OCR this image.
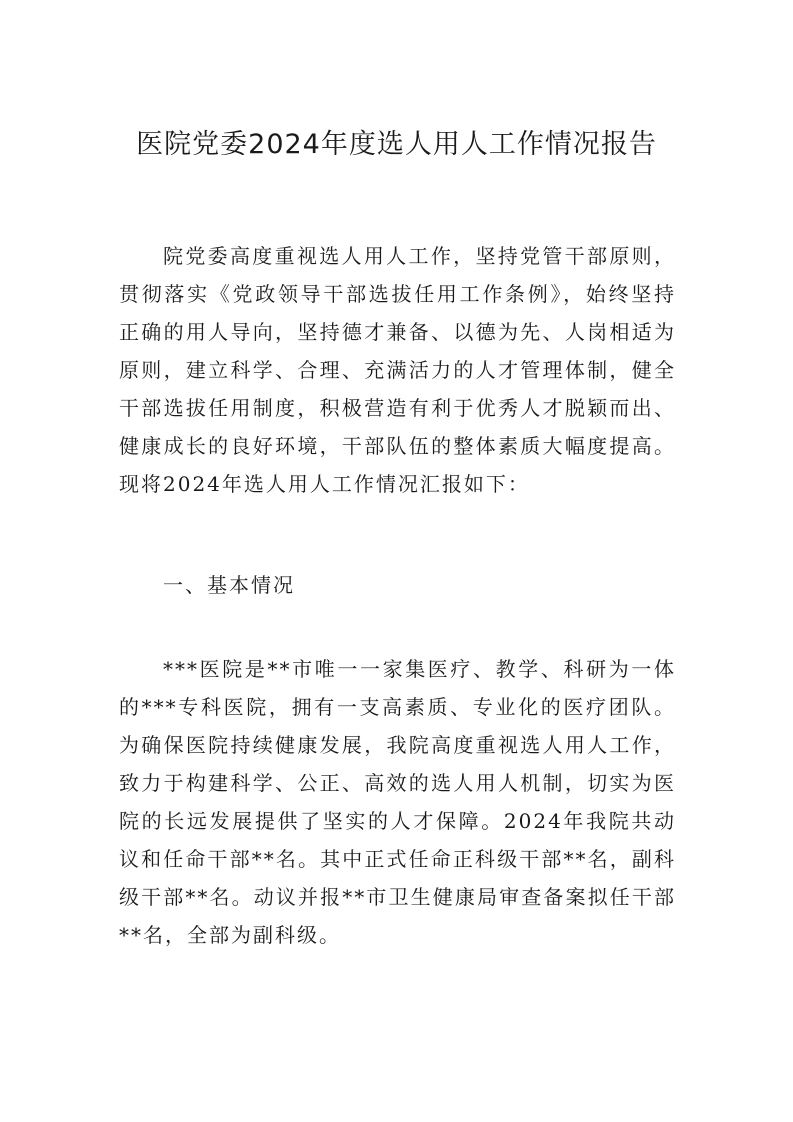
医院党委2024年度选人用人工作情况报告

院党委高度重视选人用人工作，坚持党管干部原则，贯彻落实《党政领导干部选拔任用工作条例》，始终坚持正确的用人导向，坚持德才兼备、以德为先、人岗相适为原则，建立科学、合理、充满活力的人才管理体制，健全干部选拔任用制度，积极营造有利于优秀人才脱颖而出、健康成长的良好环境，干部队伍的整体素质大幅度提高。现将2024年选人用人工作情况汇报如下：

一、基本情况

***医院是**市唯一一家集医疗、教学、科研为一体的***专科医院，拥有一支高素质、专业化的医疗团队。为确保医院持续健康发展，我院高度重视选人用人工作，致力于构建科学、公正、高效的选人用人机制，切实为医院的长远发展提供了坚实的人才保障。2024年我院共动议和任命干部**名。其中正式任命正科级干部**名，副科级干部**名。动议并报**市卫生健康局审查备案拟任干部**名，全部为副科级。
